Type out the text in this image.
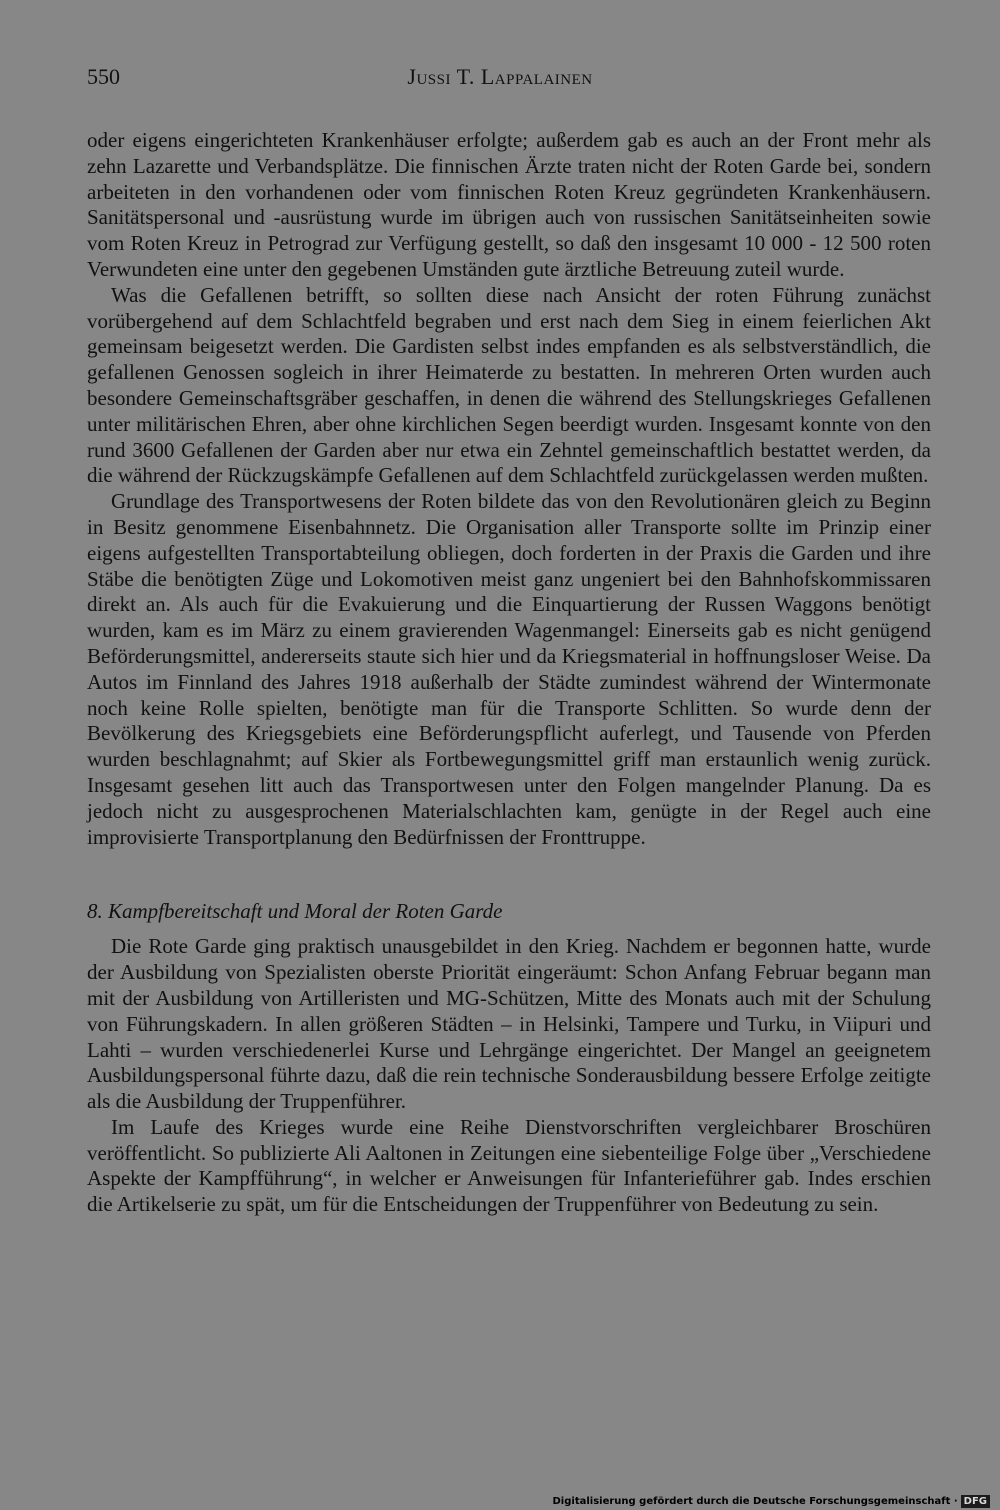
550	Jussi T. Lappalainen

oder eigens eingerichteten Krankenhäuser erfolgte; außerdem gab es auch an der Front mehr als zehn Lazarette und Verbandsplätze. Die finnischen Ärzte traten nicht der Roten Garde bei, sondern arbeiteten in den vorhandenen oder vom finnischen Roten Kreuz gegründeten Krankenhäusern. Sanitätspersonal und -ausrüstung wurde im übrigen auch von russischen Sanitätseinheiten sowie vom Roten Kreuz in Petrograd zur Verfügung gestellt, so daß den insgesamt 10 000 - 12 500 roten Verwundeten eine unter den gegebenen Umständen gute ärztliche Betreuung zuteil wurde.

Was die Gefallenen betrifft, so sollten diese nach Ansicht der roten Führung zunächst vorübergehend auf dem Schlachtfeld begraben und erst nach dem Sieg in einem feierlichen Akt gemeinsam beigesetzt werden. Die Gardisten selbst indes empfanden es als selbstverständlich, die gefallenen Genossen sogleich in ihrer Heimaterde zu bestatten. In mehreren Orten wurden auch besondere Gemeinschaftsgräber geschaffen, in denen die während des Stellungskrieges Gefallenen unter militärischen Ehren, aber ohne kirchlichen Segen beerdigt wurden. Insgesamt konnte von den rund 3600 Gefallenen der Garden aber nur etwa ein Zehntel gemeinschaftlich bestattet werden, da die während der Rückzugskämpfe Gefallenen auf dem Schlachtfeld zurückgelassen werden mußten.

Grundlage des Transportwesens der Roten bildete das von den Revolutionären gleich zu Beginn in Besitz genommene Eisenbahnnetz. Die Organisation aller Transporte sollte im Prinzip einer eigens aufgestellten Transportabteilung obliegen, doch forderten in der Praxis die Garden und ihre Stäbe die benötigten Züge und Lokomotiven meist ganz ungeniert bei den Bahnhofskommissaren direkt an. Als auch für die Evakuierung und die Einquartierung der Russen Waggons benötigt wurden, kam es im März zu einem gravierenden Wagenmangel: Einerseits gab es nicht genügend Beförderungsmittel, andererseits staute sich hier und da Kriegsmaterial in hoffnungsloser Weise. Da Autos im Finnland des Jahres 1918 außerhalb der Städte zumindest während der Wintermonate noch keine Rolle spielten, benötigte man für die Transporte Schlitten. So wurde denn der Bevölkerung des Kriegsgebiets eine Beförderungspflicht auferlegt, und Tausende von Pferden wurden beschlagnahmt; auf Skier als Fortbewegungsmittel griff man erstaunlich wenig zurück. Insgesamt gesehen litt auch das Transportwesen unter den Folgen mangelnder Planung. Da es jedoch nicht zu ausgesprochenen Materialschlachten kam, genügte in der Regel auch eine improvisierte Transportplanung den Bedürfnissen der Fronttruppe.

8. Kampfbereitschaft und Moral der Roten Garde

Die Rote Garde ging praktisch unausgebildet in den Krieg. Nachdem er begonnen hatte, wurde der Ausbildung von Spezialisten oberste Priorität eingeräumt: Schon Anfang Februar begann man mit der Ausbildung von Artilleristen und MG-Schützen, Mitte des Monats auch mit der Schulung von Führungskadern. In allen größeren Städten – in Helsinki, Tampere und Turku, in Viipuri und Lahti – wurden verschiedenerlei Kurse und Lehrgänge eingerichtet. Der Mangel an geeignetem Ausbildungspersonal führte dazu, daß die rein technische Sonderausbildung bessere Erfolge zeitigte als die Ausbildung der Truppenführer.

Im Laufe des Krieges wurde eine Reihe Dienstvorschriften vergleichbarer Broschüren veröffentlicht. So publizierte Ali Aaltonen in Zeitungen eine siebenteilige Folge über „Verschiedene Aspekte der Kampfführung“, in welcher er Anweisungen für Infanterieführer gab. Indes erschien die Artikelserie zu spät, um für die Entscheidungen der Truppenführer von Bedeutung zu sein.

Digitalisierung gefördert durch die Deutsche Forschungsgemeinschaft · DFG
